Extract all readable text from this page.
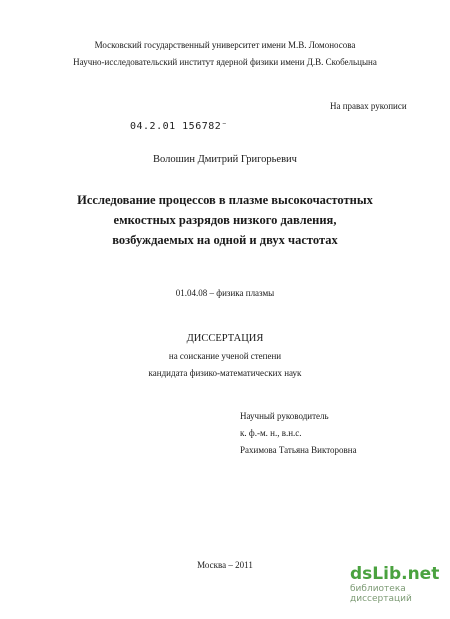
Московский государственный университет имени М.В. Ломоносова
Научно-исследовательский институт ядерной физики имени Д.В. Скобельцына
На правах рукописи
04.2.01 156782⁻
Волошин Дмитрий Григорьевич
Исследование процессов в плазме высокочастотных
емкостных разрядов низкого давления,
возбуждаемых на одной и двух частотах
01.04.08 – физика плазмы
ДИССЕРТАЦИЯ
на соискание ученой степени
кандидата физико-математических наук
Научный руководитель
к. ф.-м. н., в.н.с.
Рахимова Татьяна Викторовна
Москва – 2011	dsLib.net
библиотека диссертаций
